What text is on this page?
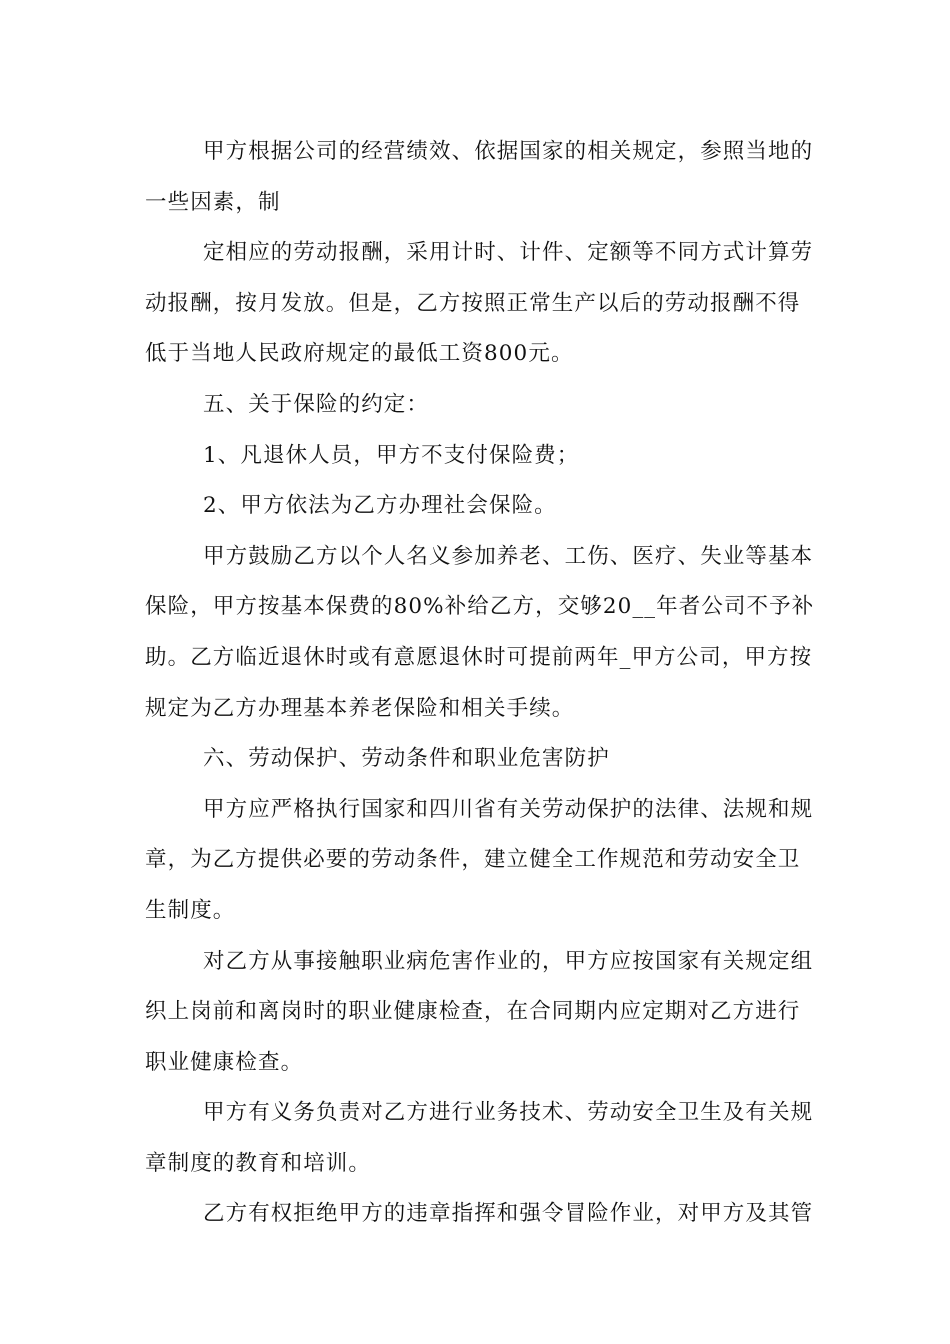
甲方根据公司的经营绩效、依据国家的相关规定，参照当地的
一些因素，制
定相应的劳动报酬，采用计时、计件、定额等不同方式计算劳
动报酬，按月发放。但是，乙方按照正常生产以后的劳动报酬不得
低于当地人民政府规定的最低工资800元。
五、关于保险的约定：
1、凡退休人员，甲方不支付保险费；
2、甲方依法为乙方办理社会保险。
甲方鼓励乙方以个人名义参加养老、工伤、医疗、失业等基本
保险，甲方按基本保费的80%补给乙方，交够20__年者公司不予补
助。乙方临近退休时或有意愿退休时可提前两年_甲方公司，甲方按
规定为乙方办理基本养老保险和相关手续。
六、劳动保护、劳动条件和职业危害防护
甲方应严格执行国家和四川省有关劳动保护的法律、法规和规
章，为乙方提供必要的劳动条件，建立健全工作规范和劳动安全卫
生制度。
对乙方从事接触职业病危害作业的，甲方应按国家有关规定组
织上岗前和离岗时的职业健康检查，在合同期内应定期对乙方进行
职业健康检查。
甲方有义务负责对乙方进行业务技术、劳动安全卫生及有关规
章制度的教育和培训。
乙方有权拒绝甲方的违章指挥和强令冒险作业，对甲方及其管
